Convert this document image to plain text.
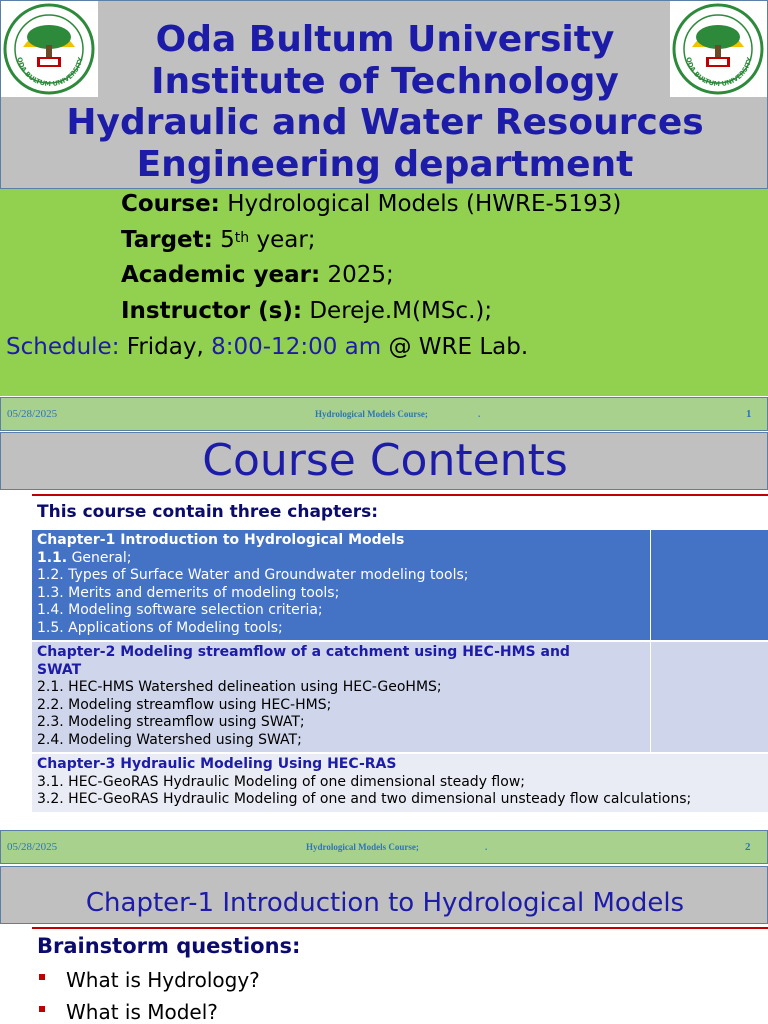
ODA BULTUM UNIVERSITY	ODA BULTUM UNIVERSITY
Oda Bultum University
Institute of Technology
Hydraulic and Water Resources
Engineering department
Course: Hydrological Models (HWRE-5193)
Target: 5th year;
Academic year: 2025;
Instructor (s): Dereje.M(MSc.);
Schedule: Friday, 8:00-12:00 am @ WRE Lab.
05/28/2025	Hydrological Models Course;	.	1
Course Contents
This course contain three chapters:
Chapter-1 Introduction to Hydrological Models
1.1. General;
1.2. Types of Surface Water and Groundwater modeling tools;
1.3. Merits and demerits of modeling tools;
1.4. Modeling software selection criteria;
1.5. Applications of Modeling tools;
Chapter-2 Modeling streamflow of a catchment using HEC-HMS and
SWAT
2.1. HEC-HMS Watershed delineation using HEC-GeoHMS;
2.2. Modeling streamflow using HEC-HMS;
2.3. Modeling streamflow using SWAT;
2.4. Modeling Watershed using SWAT;
Chapter-3 Hydraulic Modeling Using HEC-RAS
3.1. HEC-GeoRAS Hydraulic Modeling of one dimensional steady flow;
3.2. HEC-GeoRAS Hydraulic Modeling of one and two dimensional unsteady flow calculations;
05/28/2025	Hydrological Models Course;	.	2
Chapter-1 Introduction to Hydrological Models
Brainstorm questions:
What is Hydrology?
What is Model?
